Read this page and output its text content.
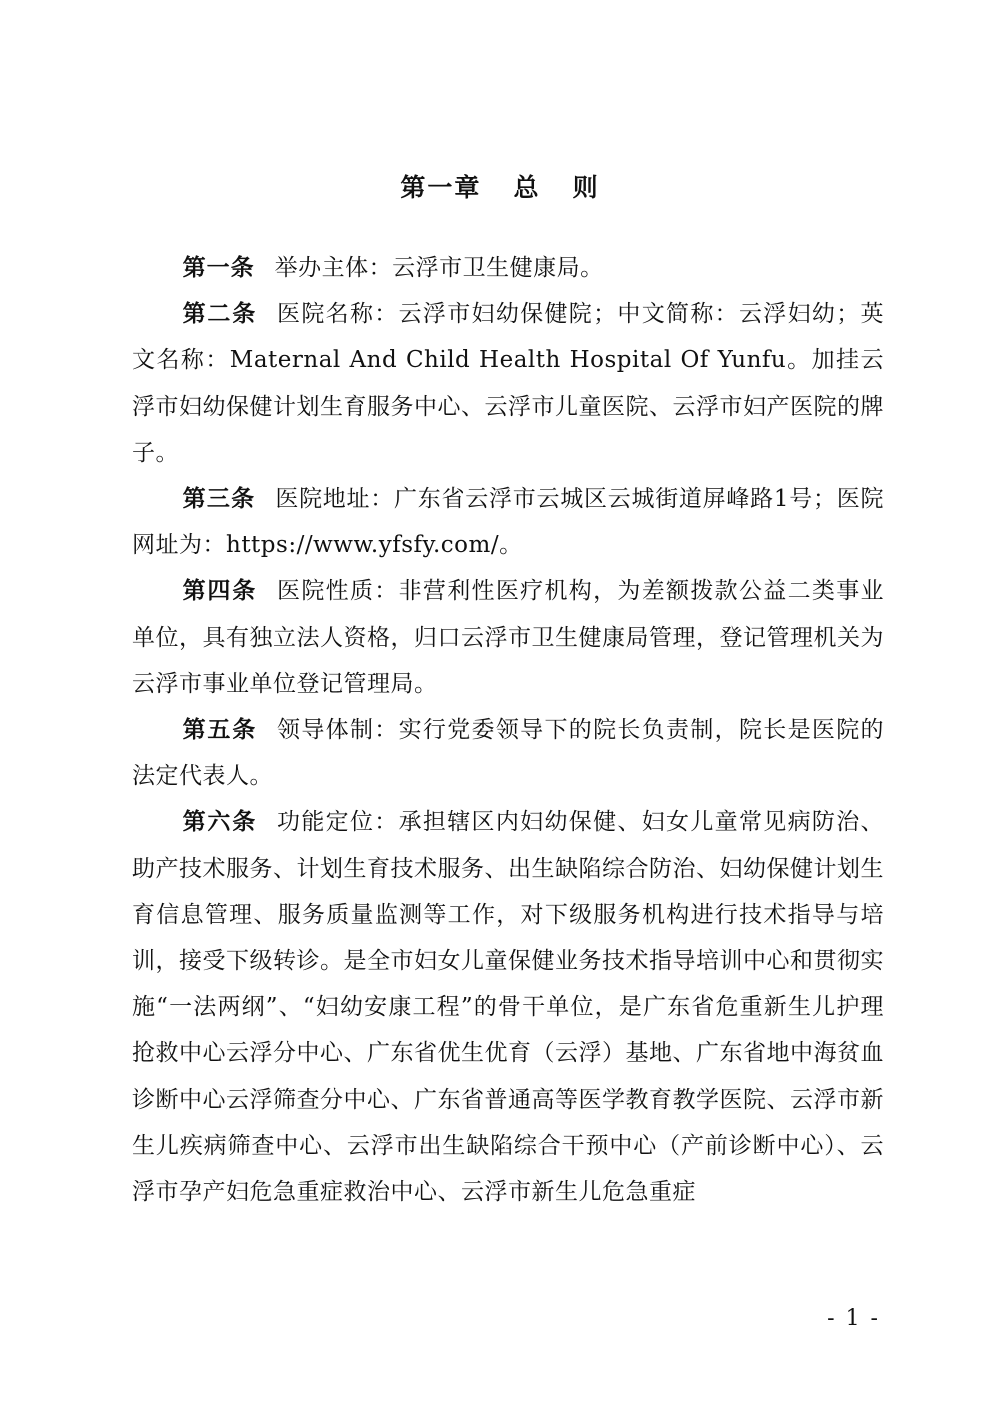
第一章   总   则

第一条 举办主体：云浮市卫生健康局。

第二条 医院名称：云浮市妇幼保健院；中文简称：云浮妇幼；英文名称：Maternal And Child Health Hospital Of Yunfu。加挂云浮市妇幼保健计划生育服务中心、云浮市儿童医院、云浮市妇产医院的牌子。

第三条 医院地址：广东省云浮市云城区云城街道屏峰路1号；医院网址为：https://www.yfsfy.com/。

第四条 医院性质：非营利性医疗机构，为差额拨款公益二类事业单位，具有独立法人资格，归口云浮市卫生健康局管理，登记管理机关为云浮市事业单位登记管理局。

第五条 领导体制：实行党委领导下的院长负责制，院长是医院的法定代表人。

第六条 功能定位：承担辖区内妇幼保健、妇女儿童常见病防治、助产技术服务、计划生育技术服务、出生缺陷综合防治、妇幼保健计划生育信息管理、服务质量监测等工作，对下级服务机构进行技术指导与培训，接受下级转诊。是全市妇女儿童保健业务技术指导培训中心和贯彻实施“一法两纲”、“妇幼安康工程”的骨干单位，是广东省危重新生儿护理抢救中心云浮分中心、广东省优生优育（云浮）基地、广东省地中海贫血诊断中心云浮筛查分中心、广东省普通高等医学教育教学医院、云浮市新生儿疾病筛查中心、云浮市出生缺陷综合干预中心（产前诊断中心）、云浮市孕产妇危急重症救治中心、云浮市新生儿危急重症

- 1 -
